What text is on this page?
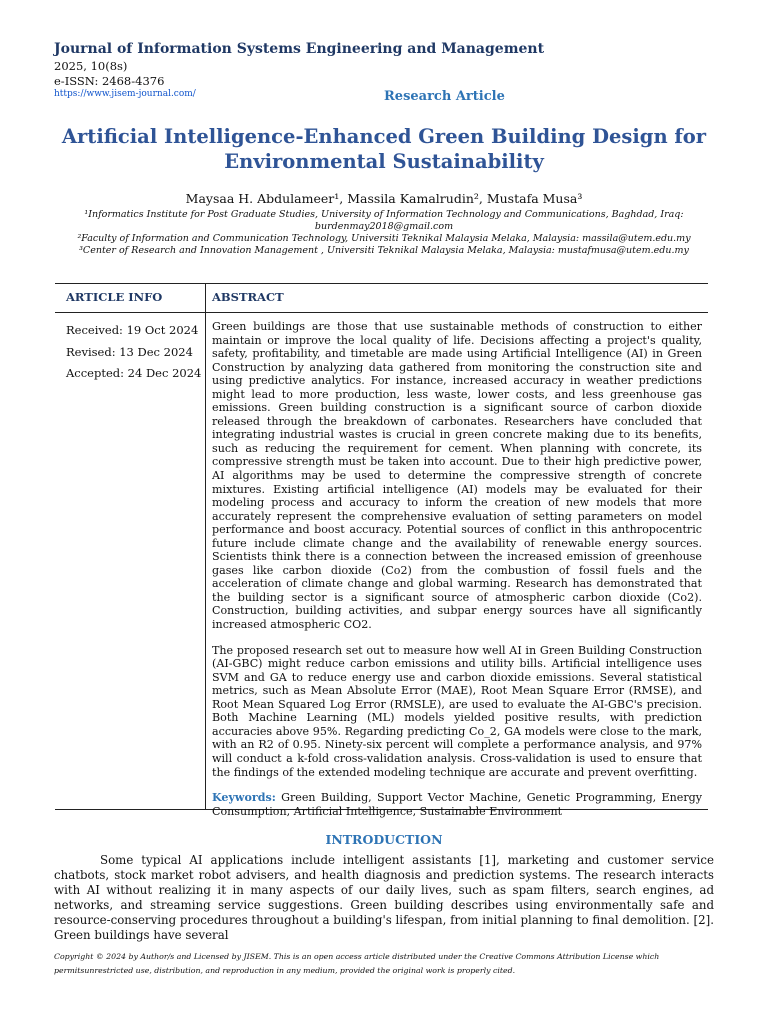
Journal of Information Systems Engineering and Management
2025, 10(8s)
e-ISSN: 2468-4376
https://www.jisem-journal.com/	Research Article
Artificial Intelligence-Enhanced Green Building Design for
Environmental Sustainability
Maysaa H. Abdulameer¹, Massila Kamalrudin², Mustafa Musa³
¹Informatics Institute for Post Graduate Studies, University of Information Technology and Communications, Baghdad, Iraq:
burdenmay2018@gmail.com
²Faculty of Information and Communication Technology, Universiti Teknikal Malaysia Melaka, Malaysia: massila@utem.edu.my
³Center of Research and Innovation Management , Universiti Teknikal Malaysia Melaka, Malaysia: mustafmusa@utem.edu.my
ARTICLE INFO	ABSTRACT
Received: 19 Oct 2024
Revised: 13 Dec 2024
Accepted: 24 Dec 2024

Green buildings are those that use sustainable methods of construction to either maintain or improve the local quality of life. Decisions affecting a project's quality, safety, profitability, and timetable are made using Artificial Intelligence (AI) in Green Construction by analyzing data gathered from monitoring the construction site and using predictive analytics. For instance, increased accuracy in weather predictions might lead to more production, less waste, lower costs, and less greenhouse gas emissions. Green building construction is a significant source of carbon dioxide released through the breakdown of carbonates. Researchers have concluded that integrating industrial wastes is crucial in green concrete making due to its benefits, such as reducing the requirement for cement. When planning with concrete, its compressive strength must be taken into account. Due to their high predictive power, AI algorithms may be used to determine the compressive strength of concrete mixtures. Existing artificial intelligence (AI) models may be evaluated for their modeling process and accuracy to inform the creation of new models that more accurately represent the comprehensive evaluation of setting parameters on model performance and boost accuracy. Potential sources of conflict in this anthropocentric future include climate change and the availability of renewable energy sources. Scientists think there is a connection between the increased emission of greenhouse gases like carbon dioxide (Co2) from the combustion of fossil fuels and the acceleration of climate change and global warming. Research has demonstrated that the building sector is a significant source of atmospheric carbon dioxide (Co2). Construction, building activities, and subpar energy sources have all significantly increased atmospheric CO2.

The proposed research set out to measure how well AI in Green Building Construction (AI-GBC) might reduce carbon emissions and utility bills. Artificial intelligence uses SVM and GA to reduce energy use and carbon dioxide emissions. Several statistical metrics, such as Mean Absolute Error (MAE), Root Mean Square Error (RMSE), and Root Mean Squared Log Error (RMSLE), are used to evaluate the AI-GBC's precision. Both Machine Learning (ML) models yielded positive results, with prediction accuracies above 95%. Regarding predicting Co_2, GA models were close to the mark, with an R2 of 0.95. Ninety-six percent will complete a performance analysis, and 97% will conduct a k-fold cross-validation analysis. Cross-validation is used to ensure that the findings of the extended modeling technique are accurate and prevent overfitting.

Keywords: Green Building, Support Vector Machine, Genetic Programming, Energy Consumption, Artificial Intelligence, Sustainable Environment
INTRODUCTION

Some typical AI applications include intelligent assistants [1], marketing and customer service chatbots, stock market robot advisers, and health diagnosis and prediction systems. The research interacts with AI without realizing it in many aspects of our daily lives, such as spam filters, search engines, ad networks, and streaming service suggestions. Green building describes using environmentally safe and resource-conserving procedures throughout a building's lifespan, from initial planning to final demolition. [2]. Green buildings have several

Copyright © 2024 by Author/s and Licensed by JISEM. This is an open access article distributed under the Creative Commons Attribution License which permitsunrestricted use, distribution, and reproduction in any medium, provided the original work is properly cited.
